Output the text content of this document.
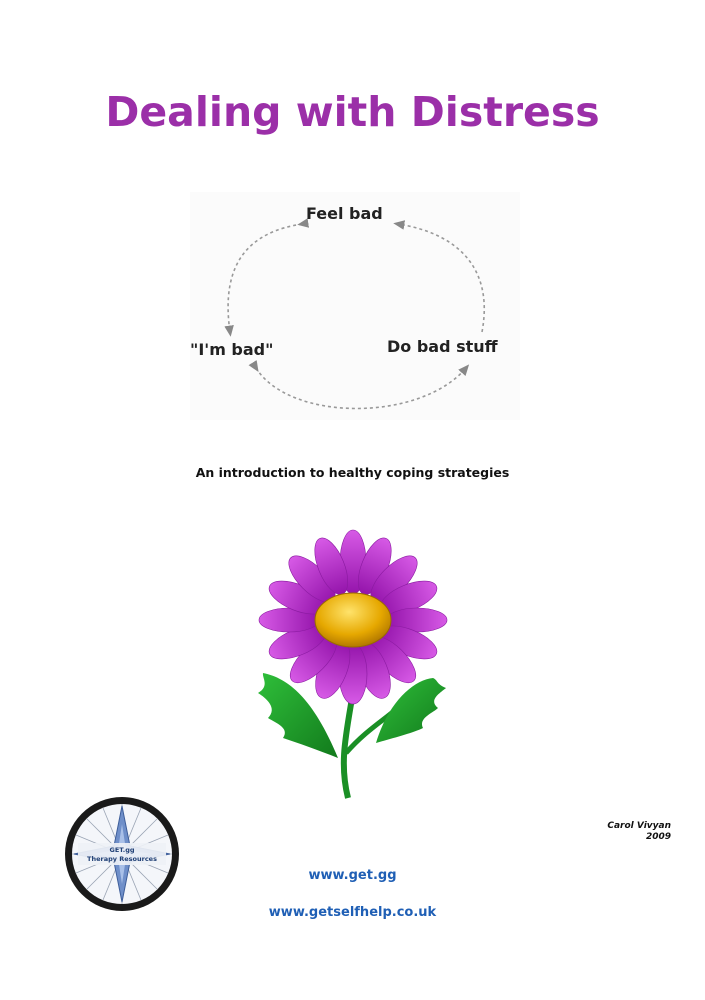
Dealing with Distress
Feel bad
"I'm bad"	Do bad stuff
An introduction to healthy coping strategies
Carol Vivyan
2009
GET.gg
Therapy Resources
www.get.gg
www.getselfhelp.co.uk
